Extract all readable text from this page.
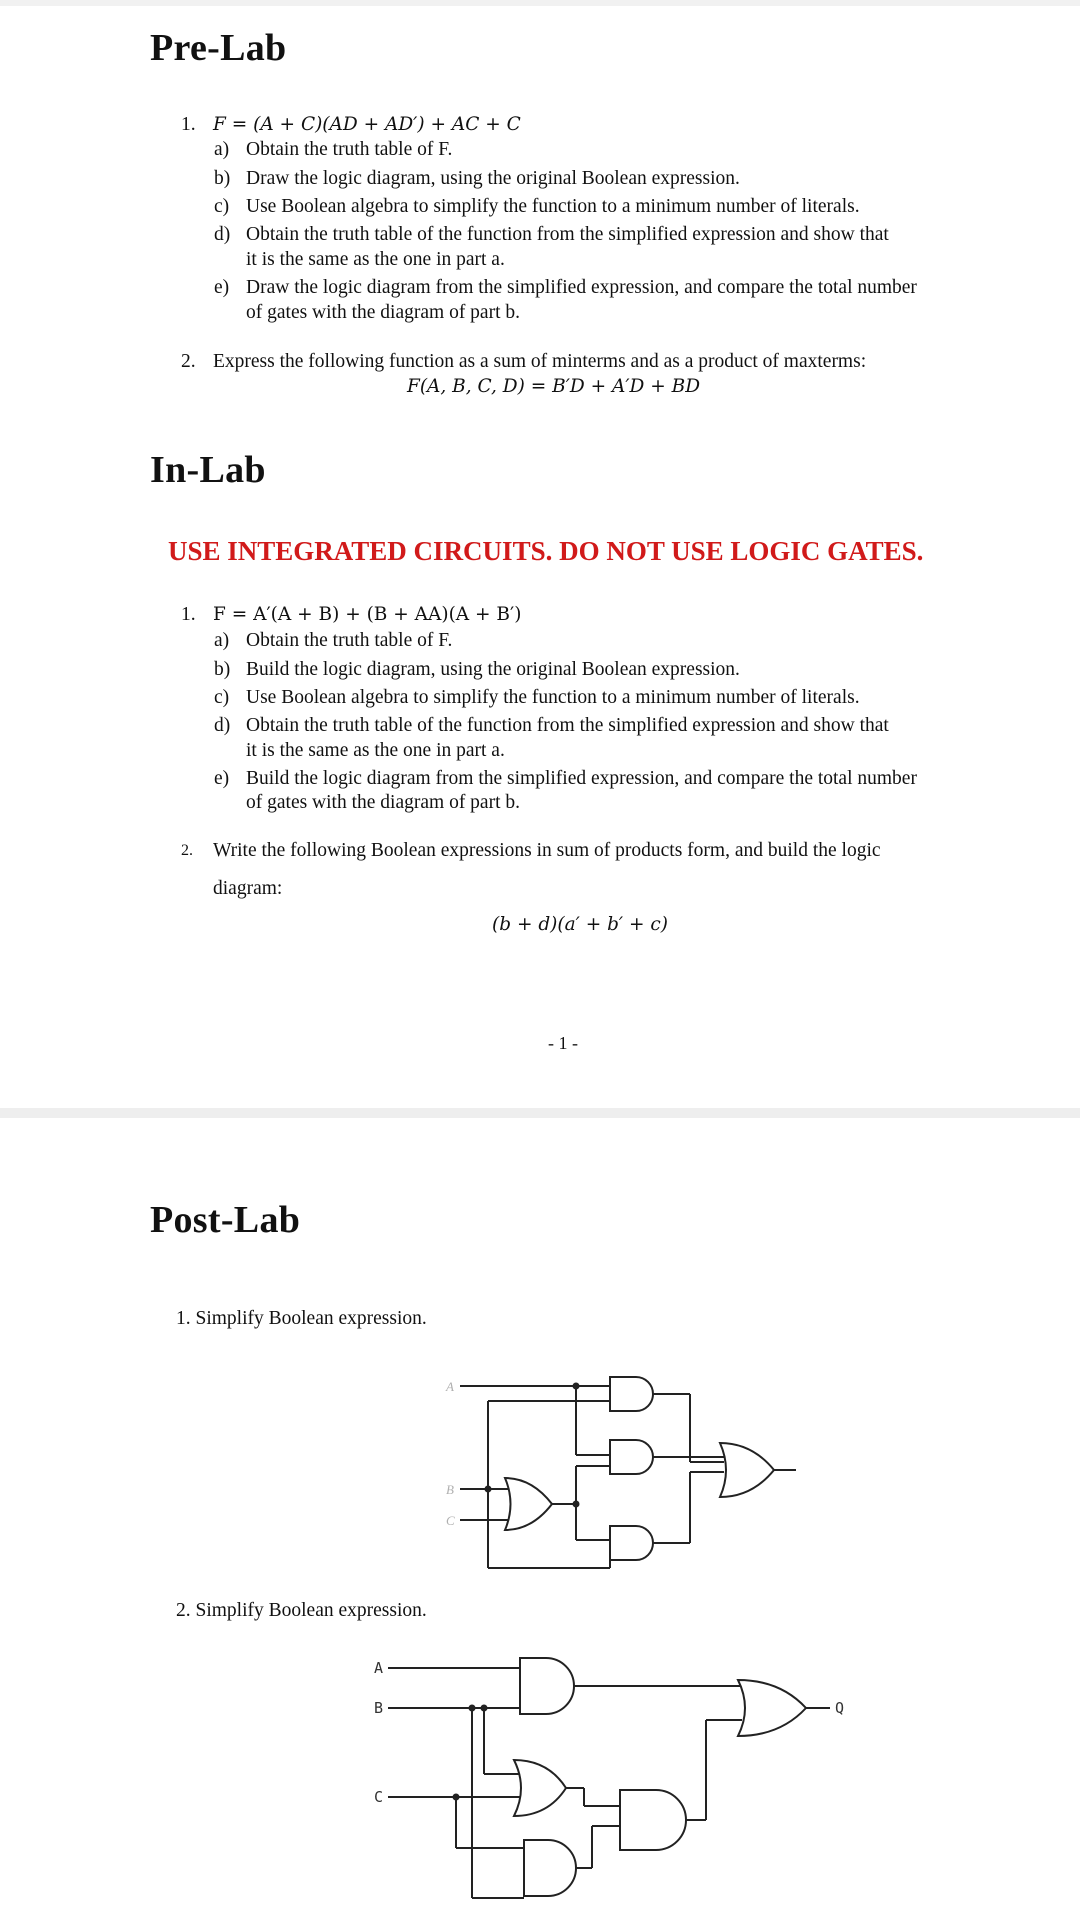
Pre-Lab
1. F = (A + C)(AD + AD′) + AC + C
a) Obtain the truth table of F.
b) Draw the logic diagram, using the original Boolean expression.
c) Use Boolean algebra to simplify the function to a minimum number of literals.
d) Obtain the truth table of the function from the simplified expression and show that
it is the same as the one in part a.
e) Draw the logic diagram from the simplified expression, and compare the total number
of gates with the diagram of part b.
2. Express the following function as a sum of minterms and as a product of maxterms:
F(A, B, C, D) = B′D + A′D + BD
In-Lab
USE INTEGRATED CIRCUITS. DO NOT USE LOGIC GATES.
1. F = A′(A + B) + (B + AA)(A + B′)
a) Obtain the truth table of F.
b) Build the logic diagram, using the original Boolean expression.
c) Use Boolean algebra to simplify the function to a minimum number of literals.
d) Obtain the truth table of the function from the simplified expression and show that
it is the same as the one in part a.
e) Build the logic diagram from the simplified expression, and compare the total number
of gates with the diagram of part b.
2. Write the following Boolean expressions in sum of products form, and build the logic
diagram:
(b + d)(a′ + b′ + c)
- 1 -
Post-Lab
1. Simplify Boolean expression.
A
B
C
2. Simplify Boolean expression.
A
B
C
Q
